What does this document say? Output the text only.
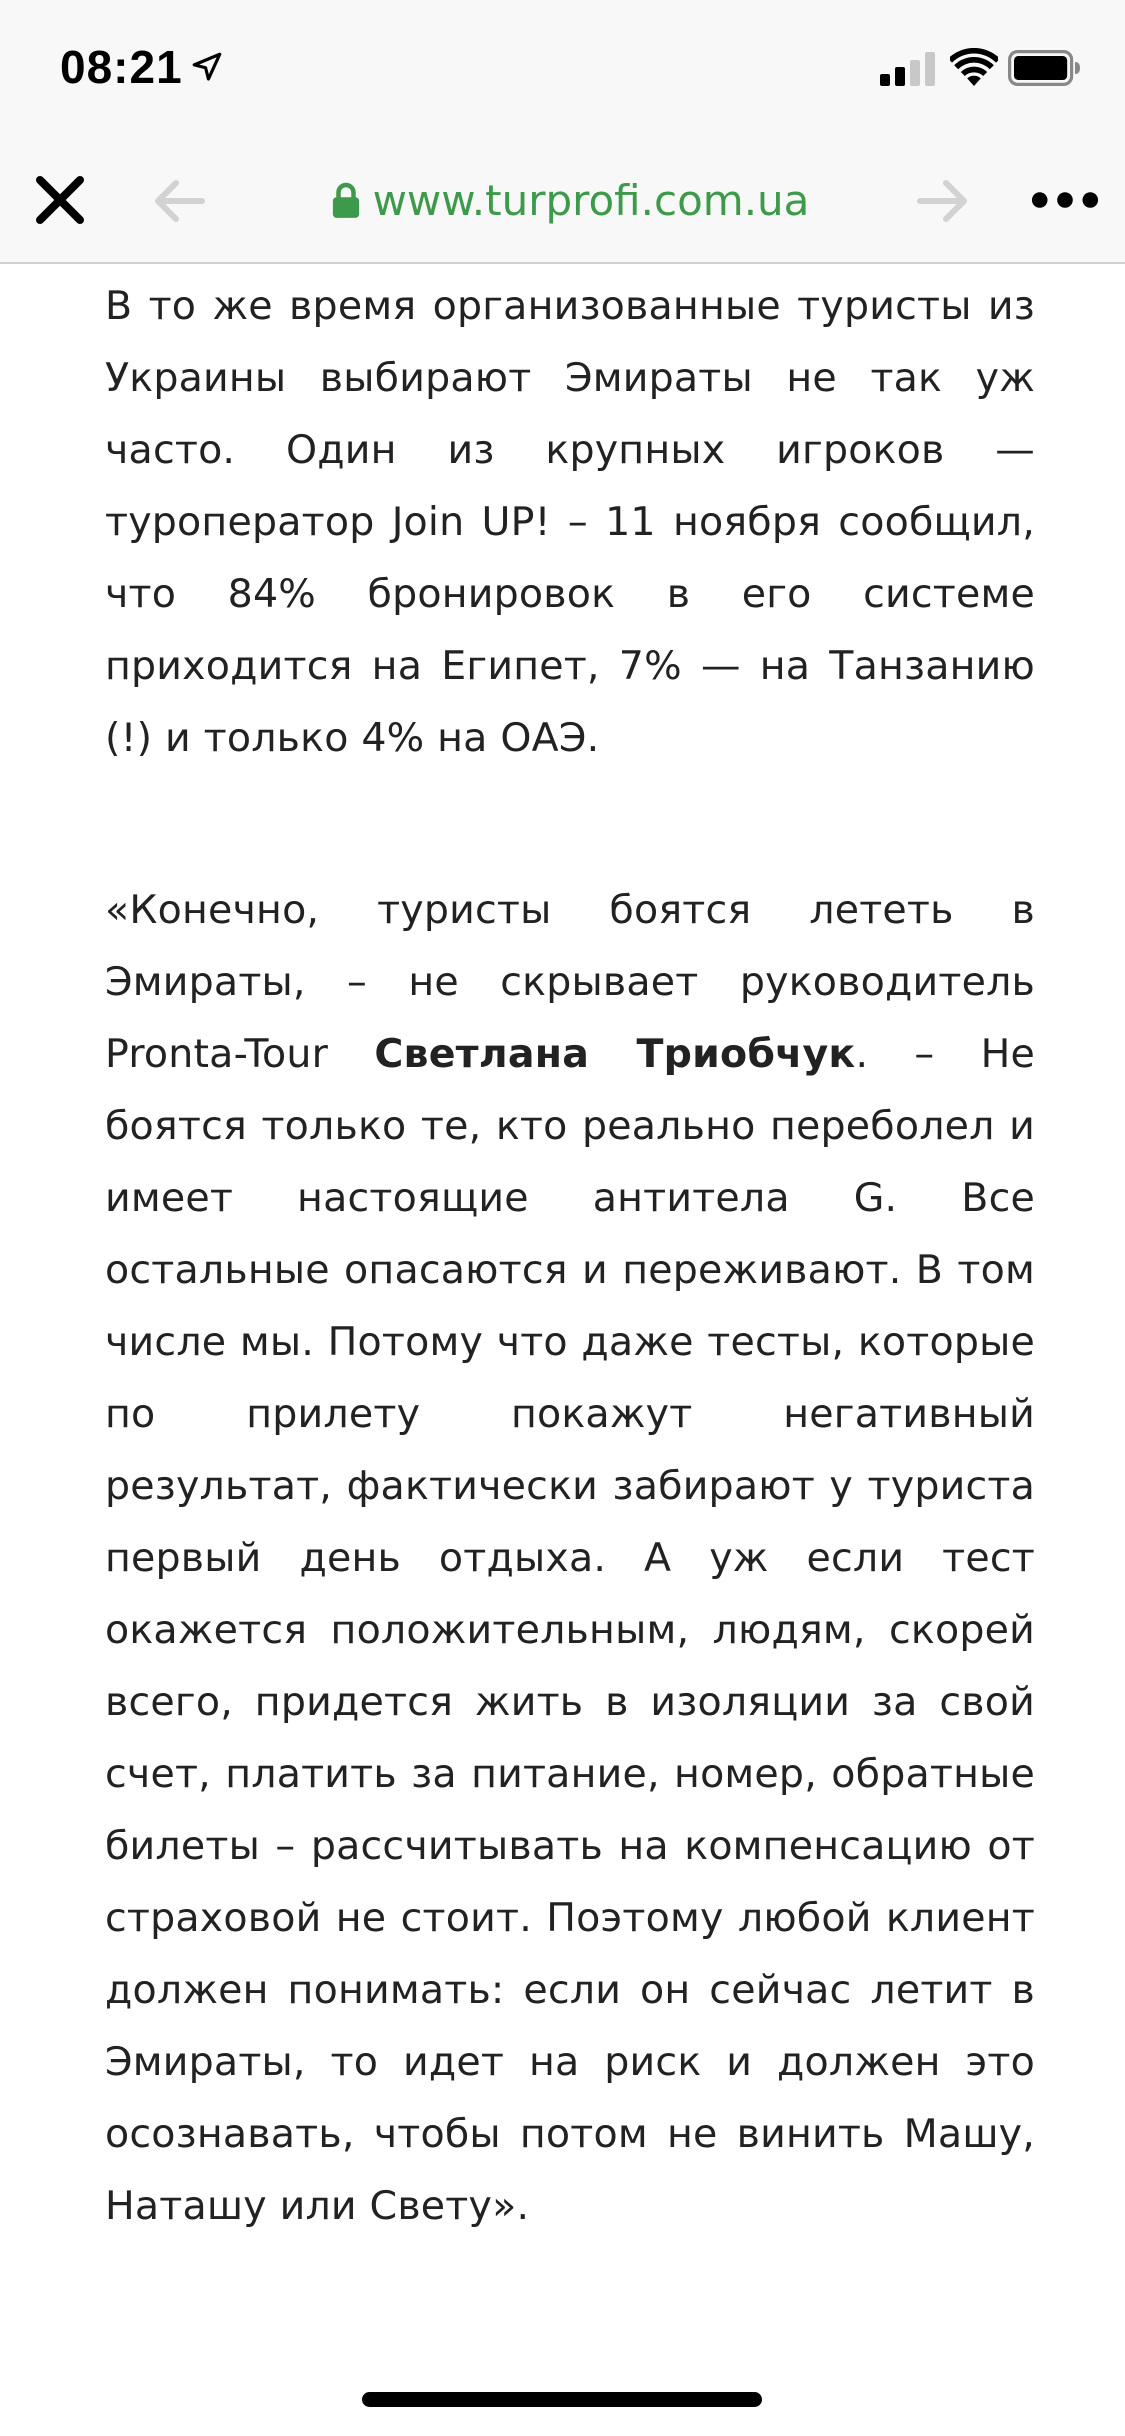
08:21
www.turprofi.com.ua

В то же время организованные туристы из Украины выбирают Эмираты не так уж часто. Один из крупных игроков — туроператор Join UP! – 11 ноября сообщил, что 84% бронировок в его системе приходится на Египет, 7% — на Танзанию (!) и только 4% на ОАЭ.

«Конечно, туристы боятся лететь в Эмираты, – не скрывает руководитель Pronta-Tour Светлана Триобчук. – Не боятся только те, кто реально переболел и имеет настоящие антитела G. Все остальные опасаются и переживают. В том числе мы. Потому что даже тесты, которые по прилету покажут негативный результат, фактически забирают у туриста первый день отдыха. А уж если тест окажется положительным, людям, скорей всего, придется жить в изоляции за свой счет, платить за питание, номер, обратные билеты – рассчитывать на компенсацию от страховой не стоит. Поэтому любой клиент должен понимать: если он сейчас летит в Эмираты, то идет на риск и должен это осознавать, чтобы потом не винить Машу, Наташу или Свету».
